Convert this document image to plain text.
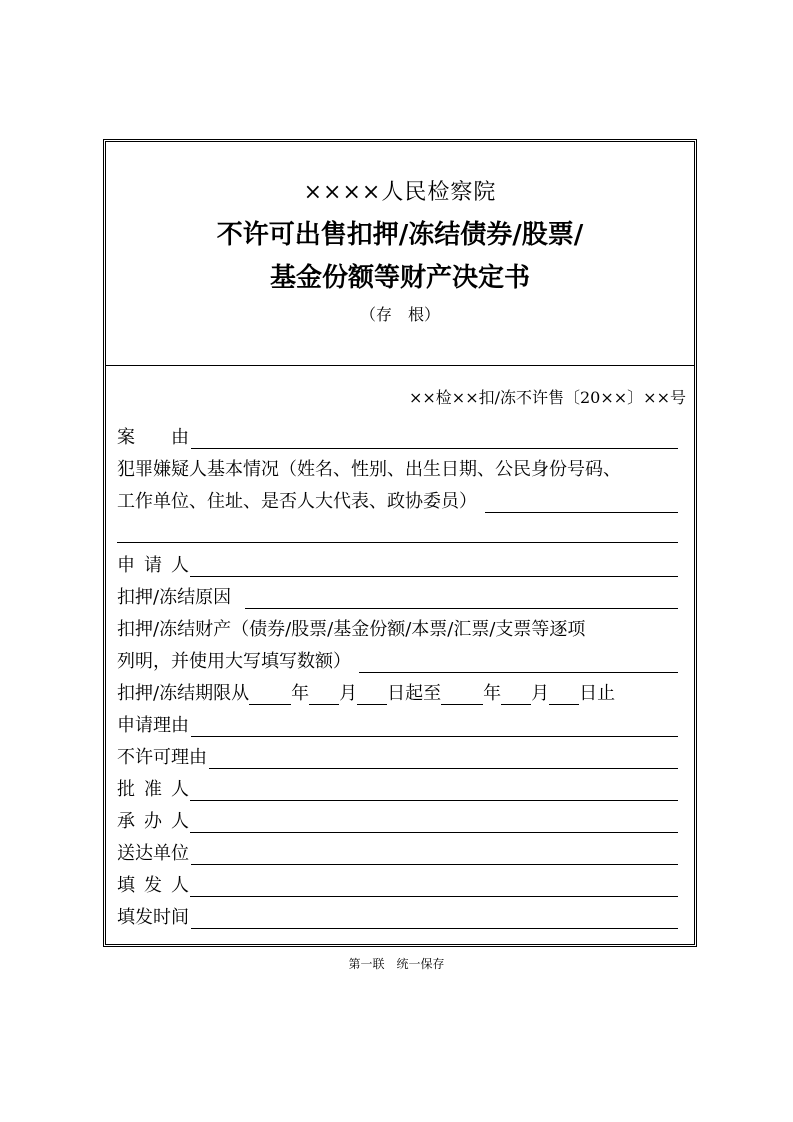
××××人民检察院
不许可出售扣押/冻结债券/股票/
基金份额等财产决定书
（存　根）
××检××扣/冻不许售〔20××〕××号
案　　由
犯罪嫌疑人基本情况（姓名、性别、出生日期、公民身份号码、
工作单位、住址、是否人大代表、政协委员）
申请人
扣押/冻结原因
扣押/冻结财产（债券/股票/基金份额/本票/汇票/支票等逐项
列明，并使用大写填写数额）
扣押/冻结期限从 年 月 日起至 年 月 日止
申请理由
不许可理由
批准人
承办人
送达单位
填发人
填发时间
第一联　统一保存
